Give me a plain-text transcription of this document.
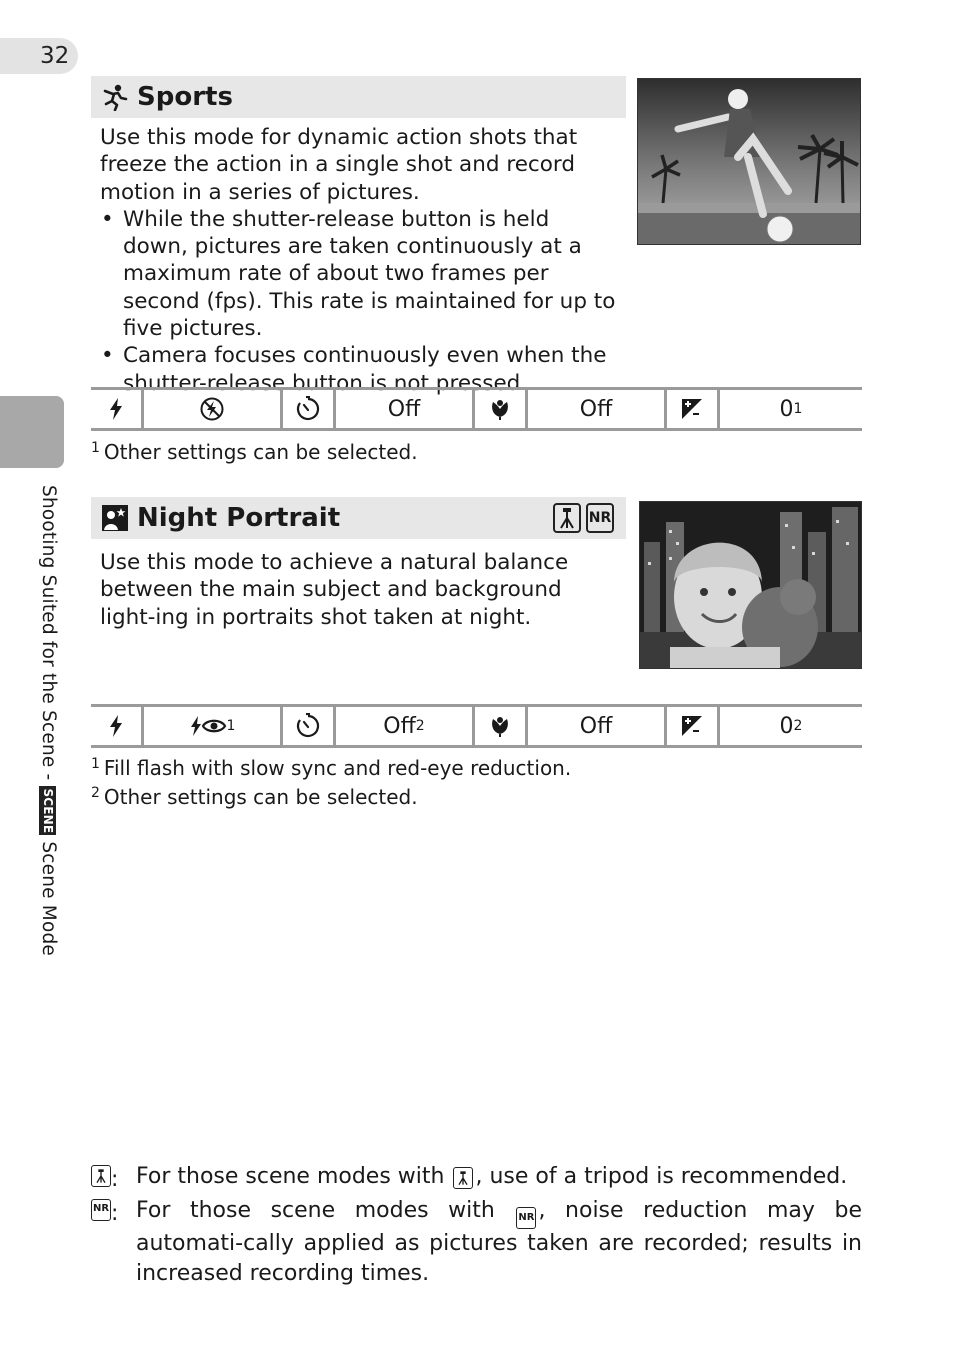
32
Shooting Suited for the Scene -
SCENE
Scene Mode
Sports

Use this mode for dynamic action shots that freeze the action in a single shot and record motion in a series of pictures.

• While the shutter-release button is held down, pictures are taken continuously at a maximum rate of about two frames per second (fps). This rate is maintained for up to five pictures.
• Camera focuses continuously even when the shutter-release button is not pressed.
Off	Off	0 1
$^1$ Other settings can be selected.
Night Portrait	NR

Use this mode to achieve a natural balance between the main subject and background light-ing in portraits shot taken at night.

1	Off 2	Off	0 2
$^1$ Fill flash with slow sync and red-eye reduction.
$^2$ Other settings can be selected.
: For those scene modes with , use of a tripod is recommended.
NR : For those scene modes with NR , noise reduction may be automati-cally applied as pictures taken are recorded; results in increased recording times.
